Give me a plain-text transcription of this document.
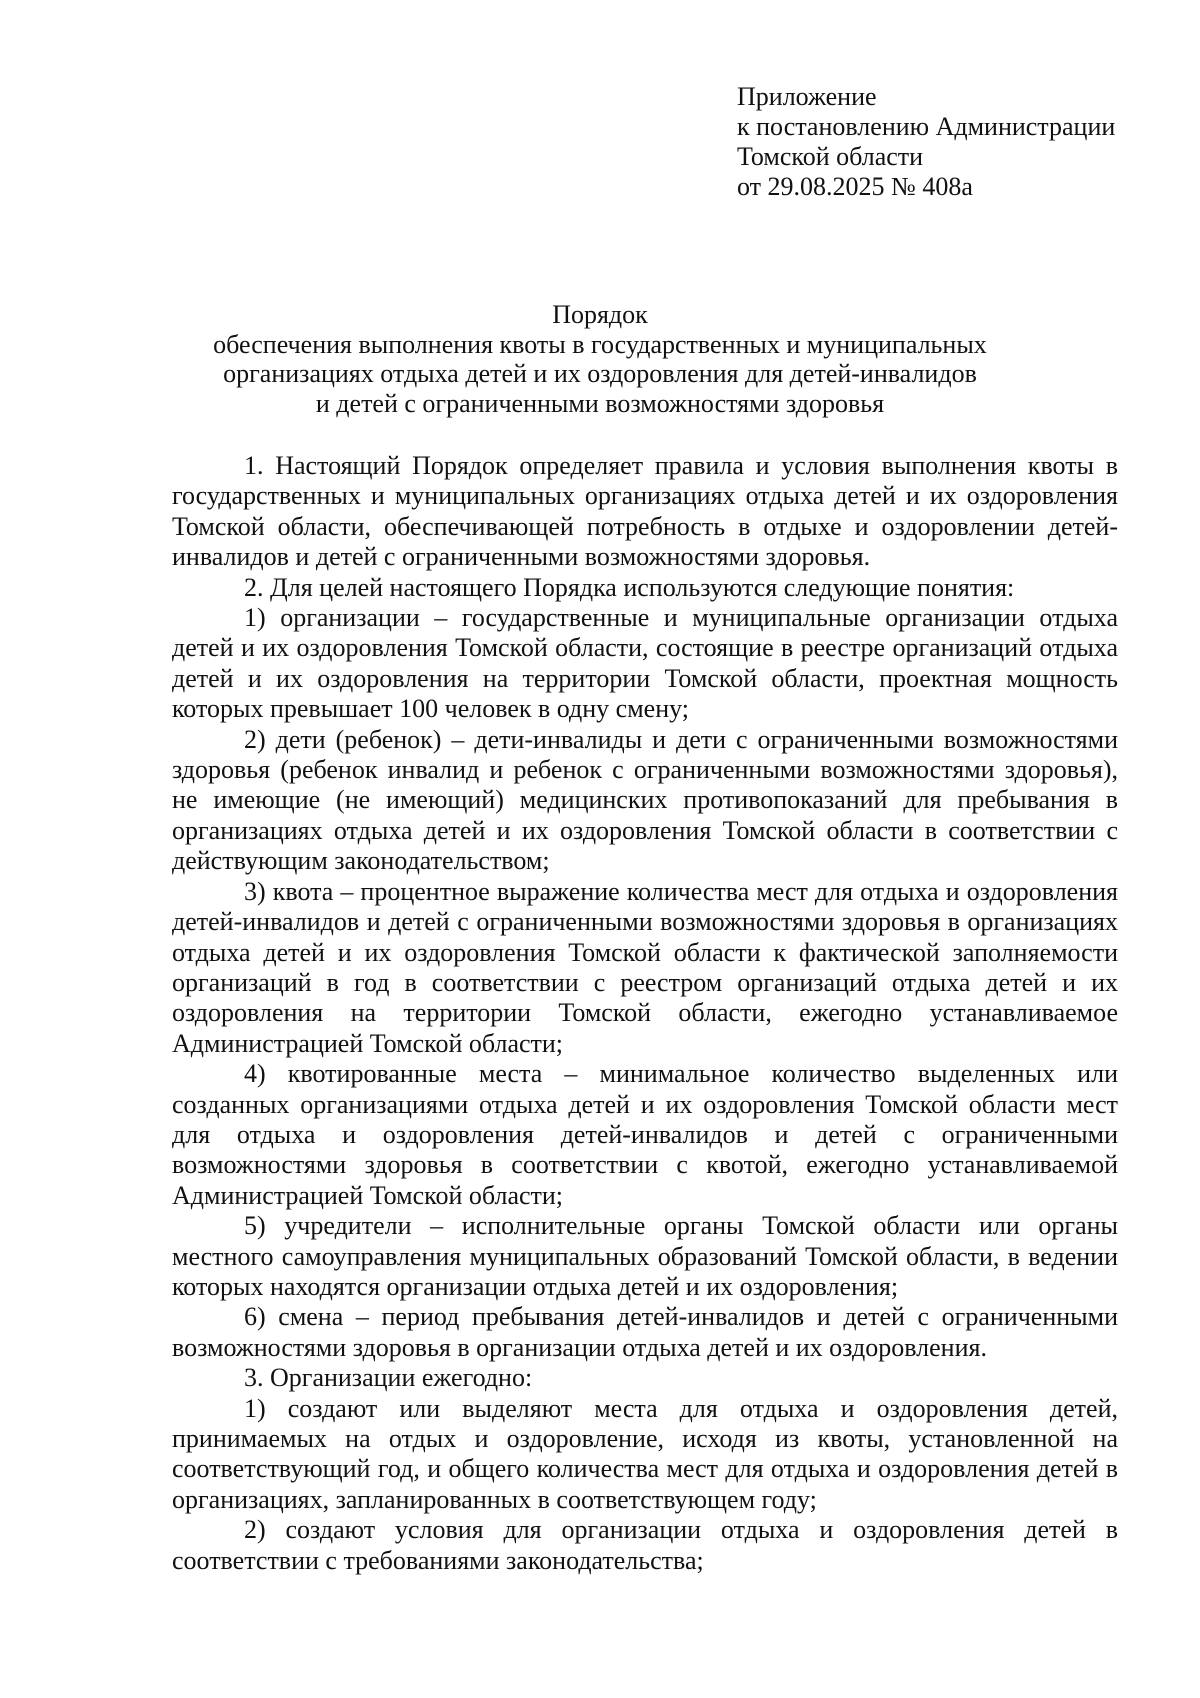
Приложение
к постановлению Администрации
Томской области
от 29.08.2025 № 408а
Порядок
обеспечения выполнения квоты в государственных и муниципальных
организациях отдыха детей и их оздоровления для детей-инвалидов
и детей с ограниченными возможностями здоровья

1. Настоящий Порядок определяет правила и условия выполнения квоты в государственных и муниципальных организациях отдыха детей и их оздоровления Томской области, обеспечивающей потребность в отдыхе и оздоровлении детей-инвалидов и детей с ограниченными возможностями здоровья.

2. Для целей настоящего Порядка используются следующие понятия:

1) организации – государственные и муниципальные организации отдыха детей и их оздоровления Томской области, состоящие в реестре организаций отдыха детей и их оздоровления на территории Томской области, проектная мощность которых превышает 100 человек в одну смену;

2) дети (ребенок) – дети-инвалиды и дети с ограниченными возможностями здоровья (ребенок инвалид и ребенок с ограниченными возможностями здоровья), не имеющие (не имеющий) медицинских противопоказаний для пребывания в организациях отдыха детей и их оздоровления Томской области в соответствии с действующим законодательством;

3) квота – процентное выражение количества мест для отдыха и оздоровления детей-инвалидов и детей с ограниченными возможностями здоровья в организациях отдыха детей и их оздоровления Томской области к фактической заполняемости организаций в год в соответствии с реестром организаций отдыха детей и их оздоровления на территории Томской области, ежегодно устанавливаемое Администрацией Томской области;

4) квотированные места – минимальное количество выделенных или созданных организациями отдыха детей и их оздоровления Томской области мест для отдыха и оздоровления детей-инвалидов и детей с ограниченными возможностями здоровья в соответствии с квотой, ежегодно устанавливаемой Администрацией Томской области;

5) учредители – исполнительные органы Томской области или органы местного самоуправления муниципальных образований Томской области, в ведении которых находятся организации отдыха детей и их оздоровления;

6) смена – период пребывания детей-инвалидов и детей с ограниченными возможностями здоровья в организации отдыха детей и их оздоровления.

3. Организации ежегодно:

1) создают или выделяют места для отдыха и оздоровления детей, принимаемых на отдых и оздоровление, исходя из квоты, установленной на соответствующий год, и общего количества мест для отдыха и оздоровления детей в организациях, запланированных в соответствующем году;

2) создают условия для организации отдыха и оздоровления детей в соответствии с требованиями законодательства;
